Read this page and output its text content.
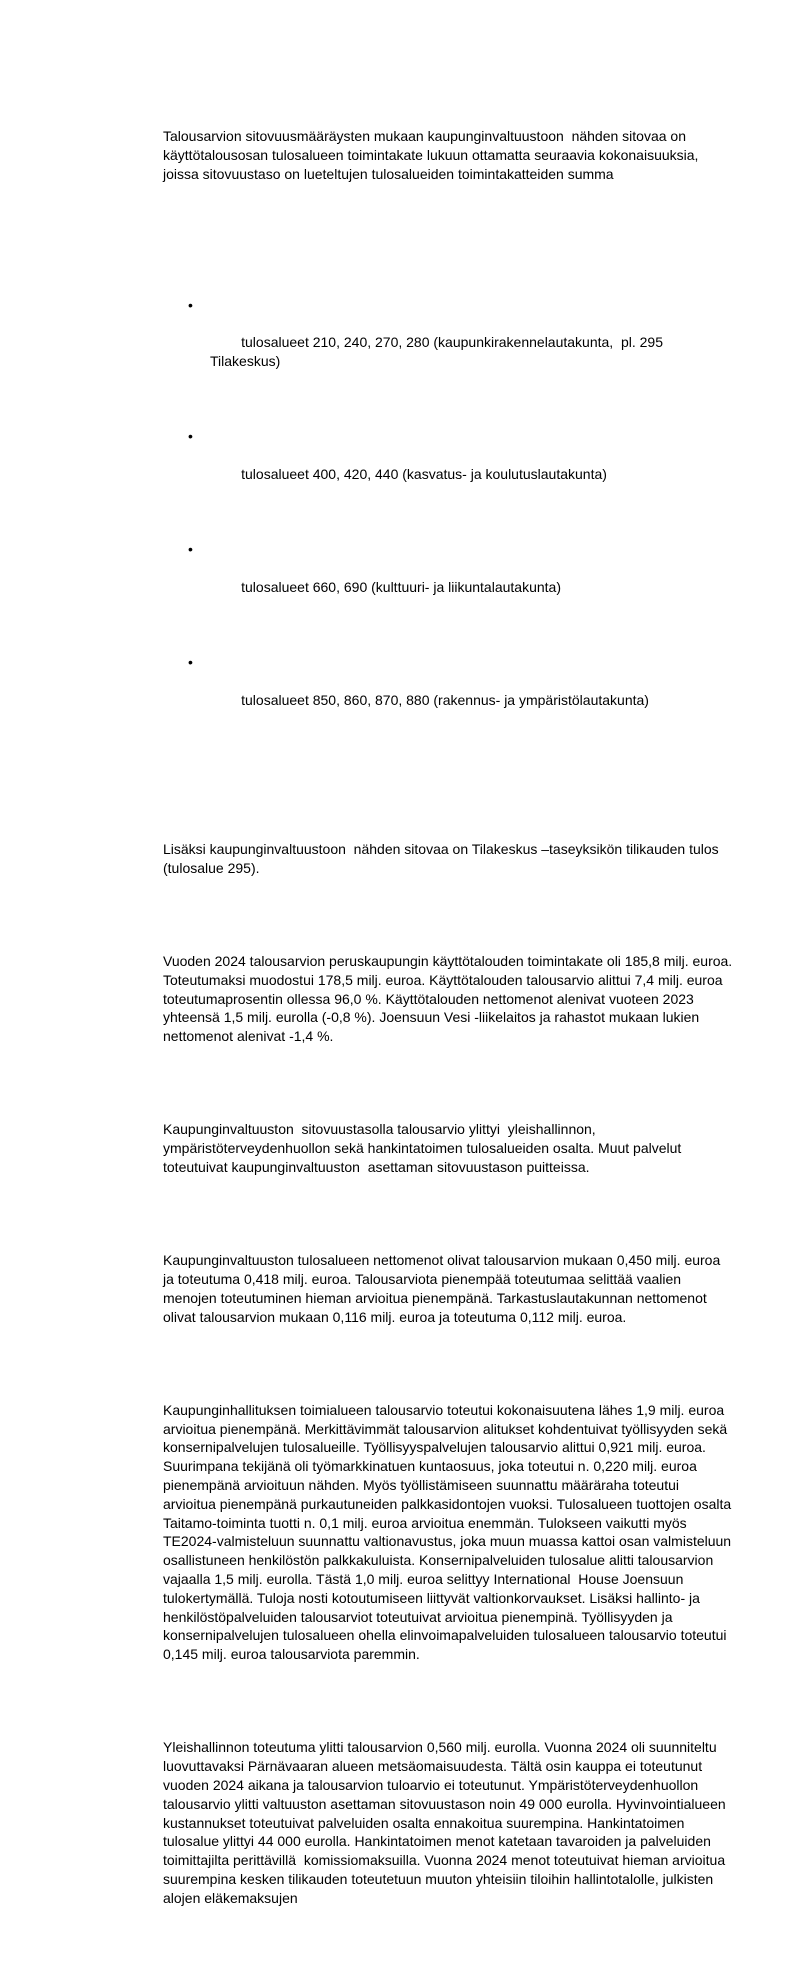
Talousarvion sitovuusmääräysten mukaan kaupunginvaltuustoon  nähden sitovaa on käyttötalousosan tulosalueen toimintakate lukuun ottamatta seuraavia kokonaisuuksia, joissa sitovuustaso on lueteltujen tulosalueiden toimintakatteiden summa

•

tulosalueet 210, 240, 270, 280 (kaupunkirakennelautakunta,  pl. 295 Tilakeskus)

•

tulosalueet 400, 420, 440 (kasvatus- ja koulutuslautakunta)

•

tulosalueet 660, 690 (kulttuuri- ja liikuntalautakunta)

•

tulosalueet 850, 860, 870, 880 (rakennus- ja ympäristölautakunta)

Lisäksi kaupunginvaltuustoon  nähden sitovaa on Tilakeskus –taseyksikön tilikauden tulos (tulosalue 295).

Vuoden 2024 talousarvion peruskaupungin käyttötalouden toimintakate oli 185,8 milj. euroa. Toteutumaksi muodostui 178,5 milj. euroa. Käyttötalouden talousarvio alittui 7,4 milj. euroa toteutumaprosentin ollessa 96,0 %. Käyttötalouden nettomenot alenivat vuoteen 2023 yhteensä 1,5 milj. eurolla (-0,8 %). Joensuun Vesi -liikelaitos ja rahastot mukaan lukien nettomenot alenivat -1,4 %.

Kaupunginvaltuuston  sitovuustasolla talousarvio ylittyi  yleishallinnon, ympäristöterveydenhuollon sekä hankintatoimen tulosalueiden osalta. Muut palvelut toteutuivat kaupunginvaltuuston  asettaman sitovuustason puitteissa.

Kaupunginvaltuuston tulosalueen nettomenot olivat talousarvion mukaan 0,450 milj. euroa ja toteutuma 0,418 milj. euroa. Talousarviota pienempää toteutumaa selittää vaalien menojen toteutuminen hieman arvioitua pienempänä. Tarkastuslautakunnan nettomenot olivat talousarvion mukaan 0,116 milj. euroa ja toteutuma 0,112 milj. euroa.

Kaupunginhallituksen toimialueen talousarvio toteutui kokonaisuutena lähes 1,9 milj. euroa arvioitua pienempänä. Merkittävimmät talousarvion alitukset kohdentuivat työllisyyden sekä konsernipalvelujen tulosalueille. Työllisyyspalvelujen talousarvio alittui 0,921 milj. euroa. Suurimpana tekijänä oli työmarkkinatuen kuntaosuus, joka toteutui n. 0,220 milj. euroa pienempänä arvioituun nähden. Myös työllistämiseen suunnattu määräraha toteutui arvioitua pienempänä purkautuneiden palkkasidontojen vuoksi. Tulosalueen tuottojen osalta Taitamo-toiminta tuotti n. 0,1 milj. euroa arvioitua enemmän. Tulokseen vaikutti myös TE2024-valmisteluun suunnattu valtionavustus, joka muun muassa kattoi osan valmisteluun osallistuneen henkilöstön palkkakuluista. Konsernipalveluiden tulosalue alitti talousarvion vajaalla 1,5 milj. eurolla. Tästä 1,0 milj. euroa selittyy International  House Joensuun tulokertymällä. Tuloja nosti kotoutumiseen liittyvät valtionkorvaukset. Lisäksi hallinto- ja henkilöstöpalveluiden talousarviot toteutuivat arvioitua pienempinä. Työllisyyden ja konsernipalvelujen tulosalueen ohella elinvoimapalveluiden tulosalueen talousarvio toteutui 0,145 milj. euroa talousarviota paremmin.

Yleishallinnon toteutuma ylitti talousarvion 0,560 milj. eurolla. Vuonna 2024 oli suunniteltu luovuttavaksi Pärnävaaran alueen metsäomaisuudesta. Tältä osin kauppa ei toteutunut vuoden 2024 aikana ja talousarvion tuloarvio ei toteutunut. Ympäristöterveydenhuollon talousarvio ylitti valtuuston asettaman sitovuustason noin 49 000 eurolla. Hyvinvointialueen  kustannukset toteutuivat palveluiden osalta ennakoitua suurempina. Hankintatoimen tulosalue ylittyi 44 000 eurolla. Hankintatoimen menot katetaan tavaroiden ja palveluiden toimittajilta perittävillä  komissiomaksuilla. Vuonna 2024 menot toteutuivat hieman arvioitua suurempina kesken tilikauden toteutetuun muuton yhteisiin tiloihin hallintotalolle, julkisten alojen eläkemaksujen
